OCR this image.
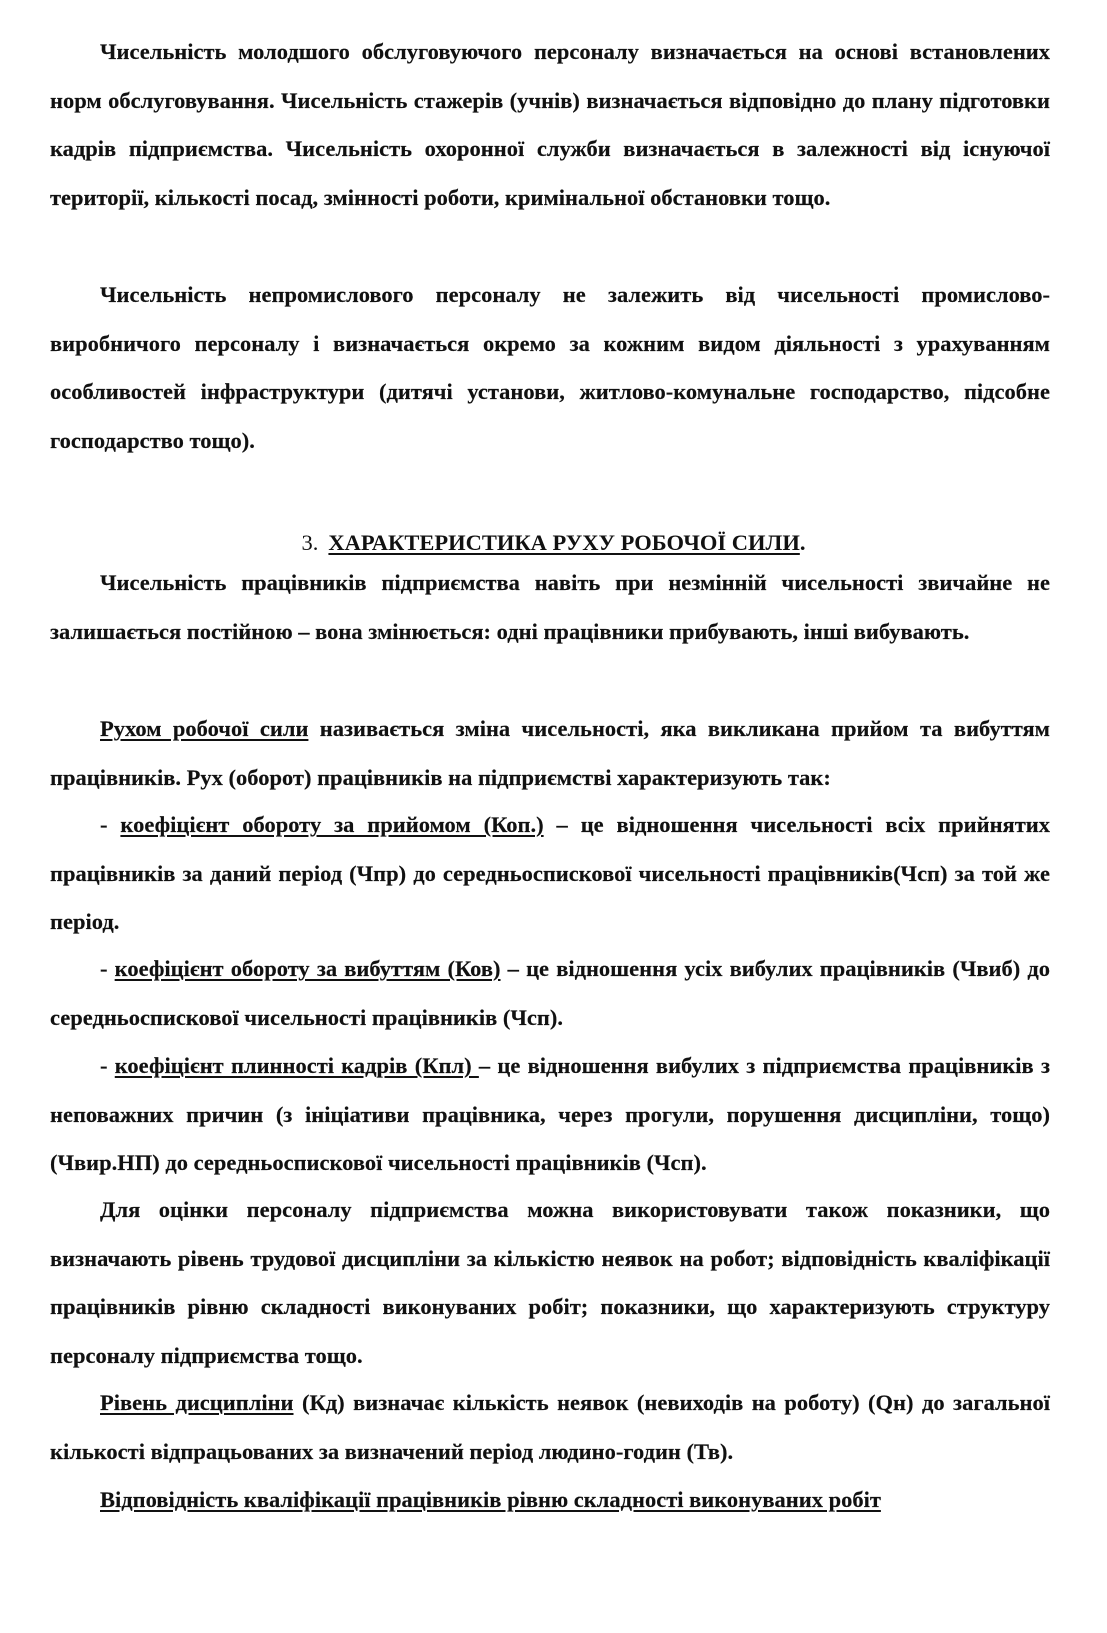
Чисельність молодшого обслуговуючого персоналу визначається на основі встановлених норм обслуговування. Чисельність стажерів (учнів) визначається відповідно до плану підготовки кадрів підприємства. Чисельність охоронної служби визначається в залежності від існуючої території, кількості посад, змінності роботи, кримінальної обстановки тощо.

Чисельність непромислового персоналу не залежить від чисельності промислово-виробничого персоналу і визначається окремо за кожним видом діяльності з урахуванням особливостей інфраструктури (дитячі установи, житлово-комунальне господарство, підсобне господарство тощо).

3. ХАРАКТЕРИСТИКА РУХУ РОБОЧОЇ СИЛИ.

Чисельність працівників підприємства навіть при незмінній чисельності звичайне не залишається постійною – вона змінюється: одні працівники прибувають, інші вибувають.

Рухом робочої сили називається зміна чисельності, яка викликана прийом та вибуттям працівників. Рух (оборот) працівників на підприємстві характеризують так:

- коефіцієнт обороту за прийомом (Коп.) – це відношення чисельності всіх прийнятих працівників за даний період (Чпр) до середньоспискової чисельності працівників(Чсп) за той же період.

- коефіцієнт обороту за вибуттям (Ков) – це відношення усіх вибулих працівників (Чвиб) до середньоспискової чисельності працівників (Чсп).

- коефіцієнт плинності кадрів (Кпл) – це відношення вибулих з підприємства працівників з неповажних причин (з ініціативи працівника, через прогули, порушення дисципліни, тощо) (Чвир.НП) до середньоспискової чисельності працівників (Чсп).

Для оцінки персоналу підприємства можна використовувати також показники, що визначають рівень трудової дисципліни за кількістю неявок на робот; відповідність кваліфікації працівників рівню складності виконуваних робіт; показники, що характеризують структуру персоналу підприємства тощо.

Рівень дисципліни (Кд) визначає кількість неявок (невиходів на роботу) (Qн) до загальної кількості відпрацьованих за визначений період людино-годин (Тв).

Відповідність кваліфікації працівників рівню складності виконуваних робіт
